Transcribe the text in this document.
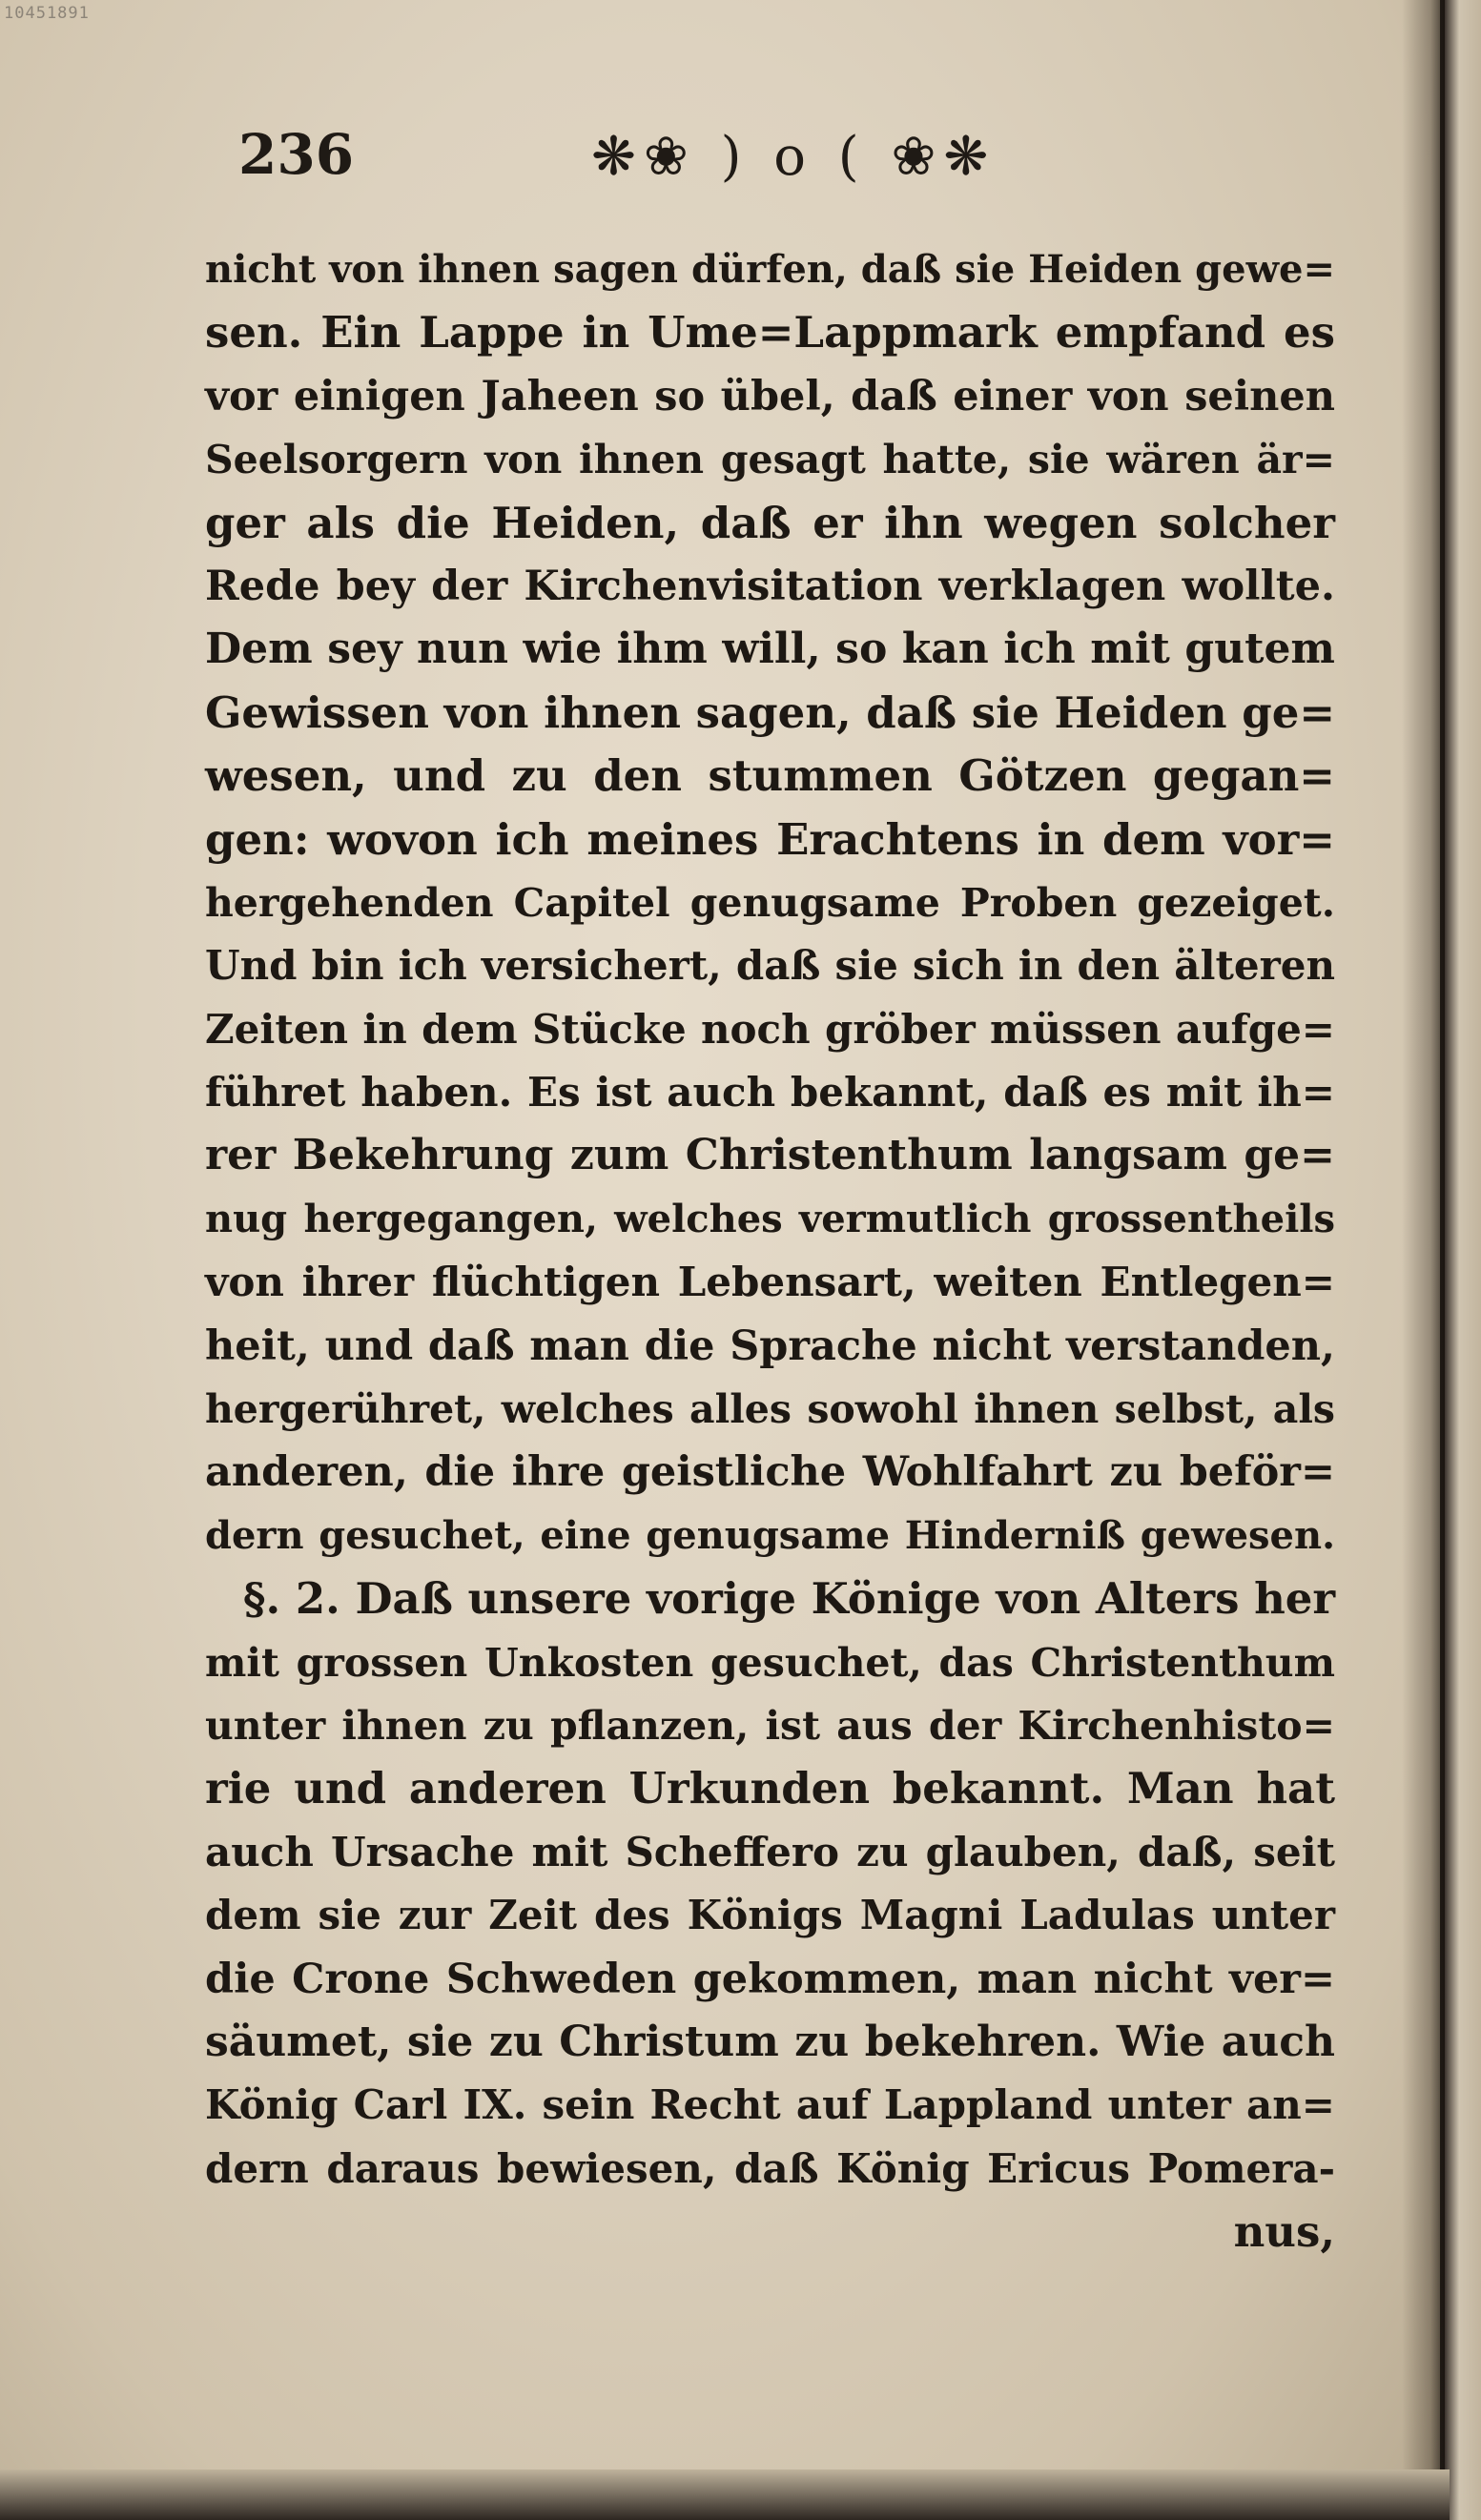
10451891
236	❋❀ ) o ( ❀❋
nicht von ihnen sagen dürfen, daß sie Heiden gewe=
sen. Ein Lappe in Ume=Lappmark empfand es
vor einigen Jaheen so übel, daß einer von seinen
Seelsorgern von ihnen gesagt hatte, sie wären är=
ger als die Heiden, daß er ihn wegen solcher
Rede bey der Kirchenvisitation verklagen wollte.
Dem sey nun wie ihm will, so kan ich mit gutem
Gewissen von ihnen sagen, daß sie Heiden ge=
wesen, und zu den stummen Götzen gegan=
gen: wovon ich meines Erachtens in dem vor=
hergehenden Capitel genugsame Proben gezeiget.
Und bin ich versichert, daß sie sich in den älteren
Zeiten in dem Stücke noch gröber müssen aufge=
führet haben. Es ist auch bekannt, daß es mit ih=
rer Bekehrung zum Christenthum langsam ge=
nug hergegangen, welches vermutlich grossentheils
von ihrer flüchtigen Lebensart, weiten Entlegen=
heit, und daß man die Sprache nicht verstanden,
hergerühret, welches alles sowohl ihnen selbst, als
anderen, die ihre geistliche Wohlfahrt zu beför=
dern gesuchet, eine genugsame Hinderniß gewesen.
§. 2. Daß unsere vorige Könige von Alters her
mit grossen Unkosten gesuchet, das Christenthum
unter ihnen zu pflanzen, ist aus der Kirchenhisto=
rie und anderen Urkunden bekannt. Man hat
auch Ursache mit Scheffero zu glauben, daß, seit
dem sie zur Zeit des Königs Magni Ladulas unter
die Crone Schweden gekommen, man nicht ver=
säumet, sie zu Christum zu bekehren. Wie auch
König Carl IX. sein Recht auf Lappland unter an=
dern daraus bewiesen, daß König Ericus Pomera-
nus,
